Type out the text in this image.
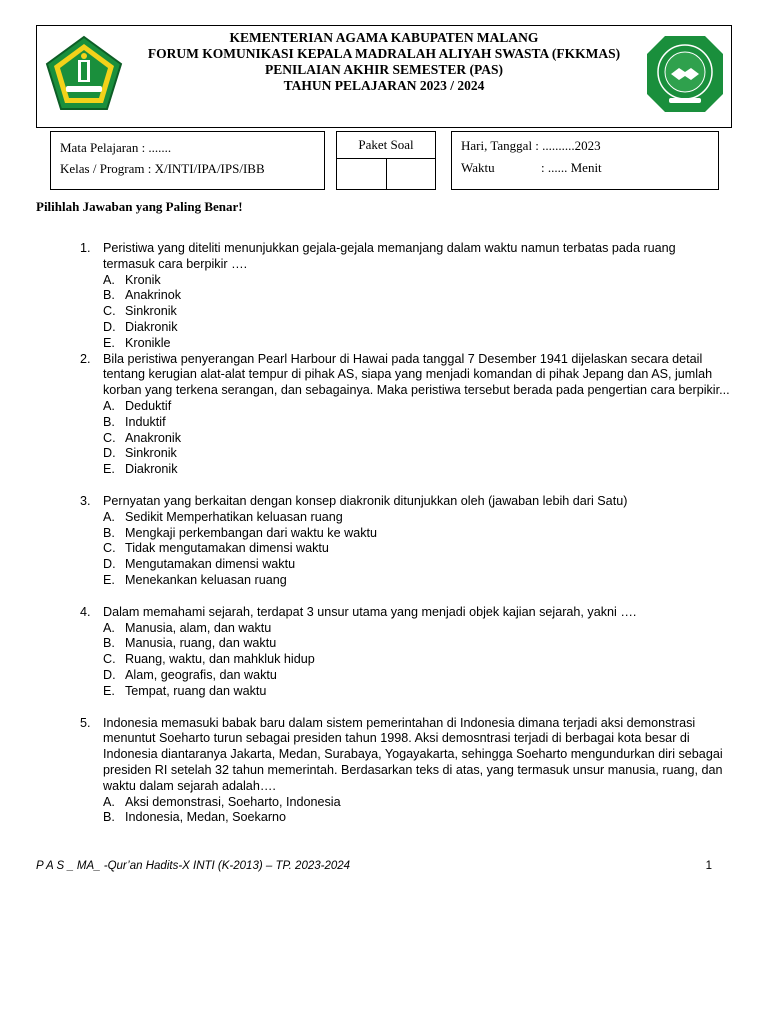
KEMENTERIAN AGAMA KABUPATEN MALANG
FORUM KOMUNIKASI KEPALA MADRALAH ALIYAH SWASTA (FKKMAS)
PENILAIAN AKHIR SEMESTER (PAS)
TAHUN PELAJARAN 2023 / 2024
Mata Pelajaran : .......
Kelas / Program : X/INTI/IPA/IPS/IBB
Paket Soal	Hari, Tanggal : ..........2023
Waktu	: ...... Menit
Pilihlah Jawaban yang Paling Benar!
1. Peristiwa yang diteliti menunjukkan gejala-gejala memanjang dalam waktu namun terbatas pada ruang termasuk cara berpikir ….
A. Kronik
B. Anakrinok
C. Sinkronik
D. Diakronik
E. Kronikle
2. Bila peristiwa penyerangan Pearl Harbour di Hawai pada tanggal 7 Desember 1941 dijelaskan secara detail tentang kerugian alat-alat tempur di pihak AS, siapa yang menjadi komandan di pihak Jepang dan AS, jumlah korban yang terkena serangan, dan sebagainya. Maka peristiwa tersebut berada pada pengertian cara berpikir...
A. Deduktif
B. Induktif
C. Anakronik
D. Sinkronik
E. Diakronik
3. Pernyatan yang berkaitan dengan konsep diakronik ditunjukkan oleh (jawaban lebih dari Satu)
A. Sedikit Memperhatikan keluasan ruang
B. Mengkaji perkembangan dari waktu ke waktu
C. Tidak mengutamakan dimensi waktu
D. Mengutamakan dimensi waktu
E. Menekankan keluasan ruang
4. Dalam memahami sejarah, terdapat 3 unsur utama yang menjadi objek kajian sejarah, yakni ….
A. Manusia, alam, dan waktu
B. Manusia, ruang, dan waktu
C. Ruang, waktu, dan mahkluk hidup
D. Alam, geografis, dan waktu
E. Tempat, ruang dan waktu
5. Indonesia memasuki babak baru dalam sistem pemerintahan di Indonesia dimana terjadi aksi demonstrasi menuntut Soeharto turun sebagai presiden tahun 1998. Aksi demosntrasi terjadi di berbagai kota besar di Indonesia diantaranya Jakarta, Medan, Surabaya, Yogayakarta, sehingga Soeharto mengundurkan diri sebagai presiden RI setelah 32 tahun memerintah. Berdasarkan teks di atas, yang termasuk unsur manusia, ruang, dan waktu dalam sejarah adalah….
A. Aksi demonstrasi, Soeharto, Indonesia
B. Indonesia, Medan, Soekarno
P A S _ MA_ -Qur’an Hadits-X INTI (K-2013) – TP. 2023-2024	1
